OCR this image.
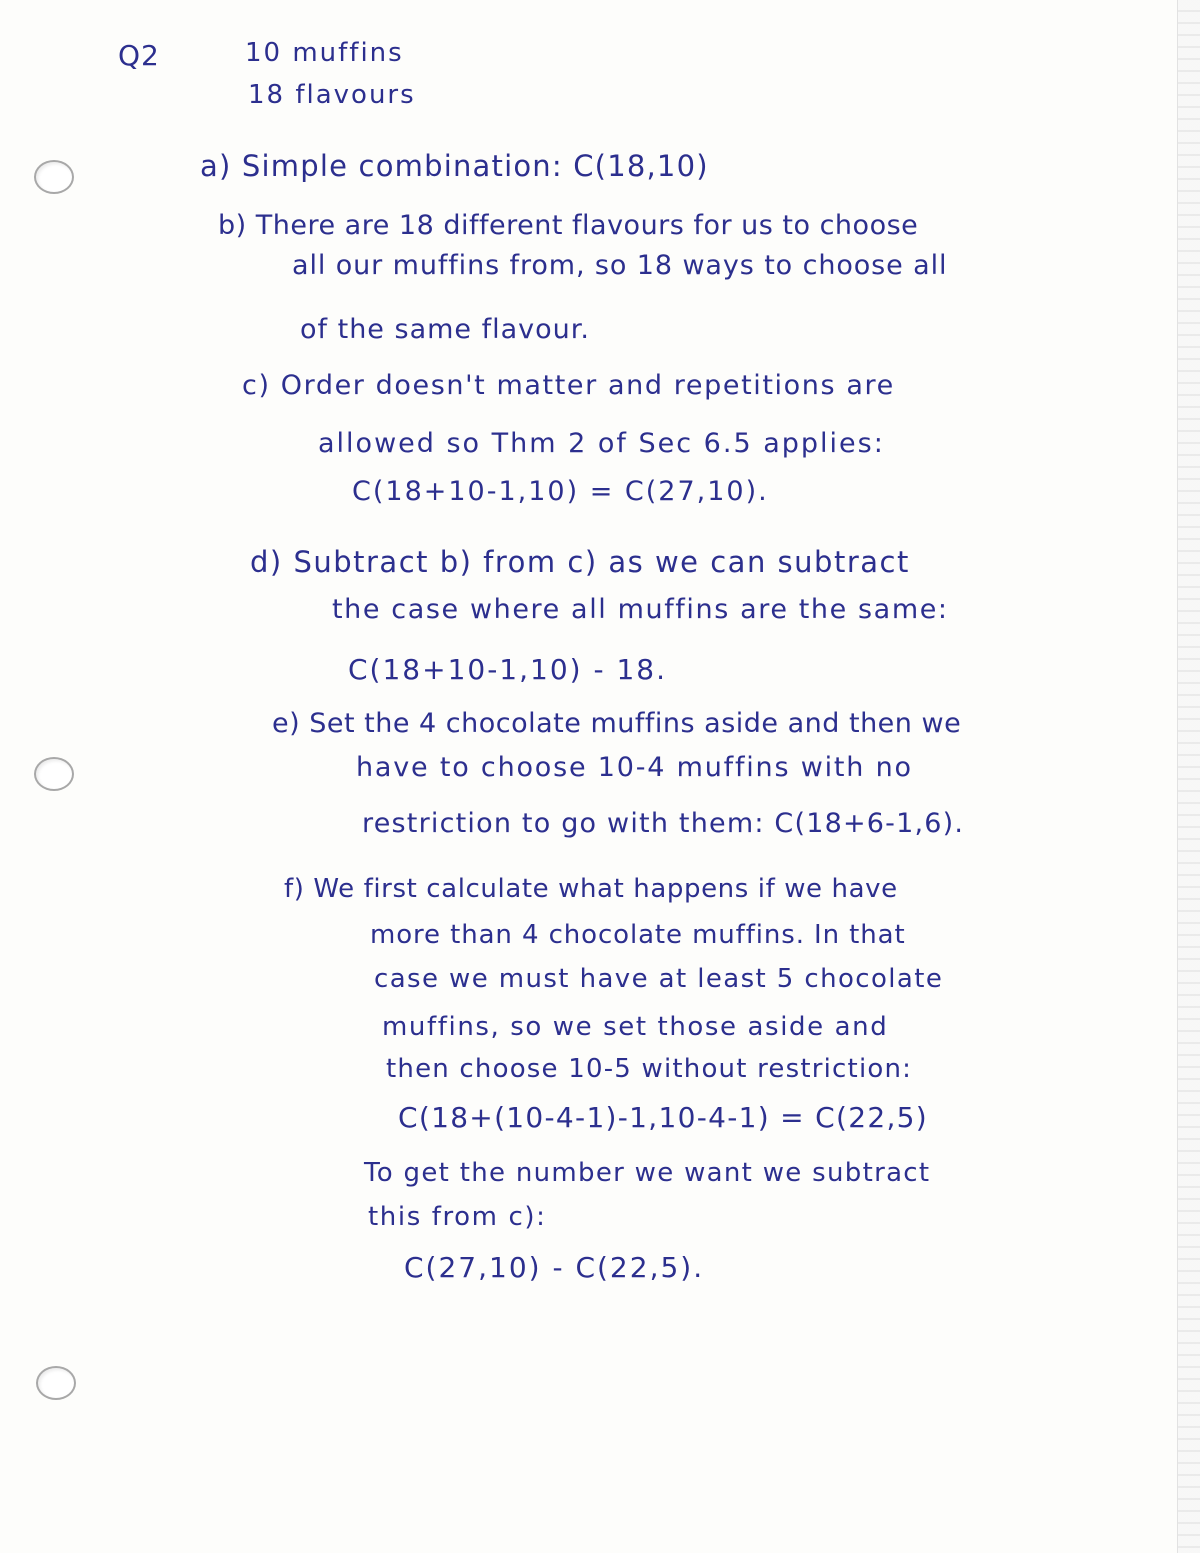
Q2	10 muffins

18 flavours

a) Simple combination: C(18,10)

b) There are 18 different flavours for us to choose

all our muffins from, so 18 ways to choose all

of the same flavour.

c) Order doesn't matter and repetitions are

allowed so Thm 2 of Sec 6.5 applies:

C(18+10-1,10) = C(27,10).

d) Subtract b) from c) as we can subtract

the case where all muffins are the same:

C(18+10-1,10) - 18.

e) Set the 4 chocolate muffins aside and then we

have to choose 10-4 muffins with no

restriction to go with them: C(18+6-1,6).

f) We first calculate what happens if we have

more than 4 chocolate muffins. In that

case we must have at least 5 chocolate

muffins, so we set those aside and

then choose 10-5 without restriction:

C(18+(10-4-1)-1,10-4-1) = C(22,5)

To get the number we want we subtract

this from c):

C(27,10) - C(22,5).
